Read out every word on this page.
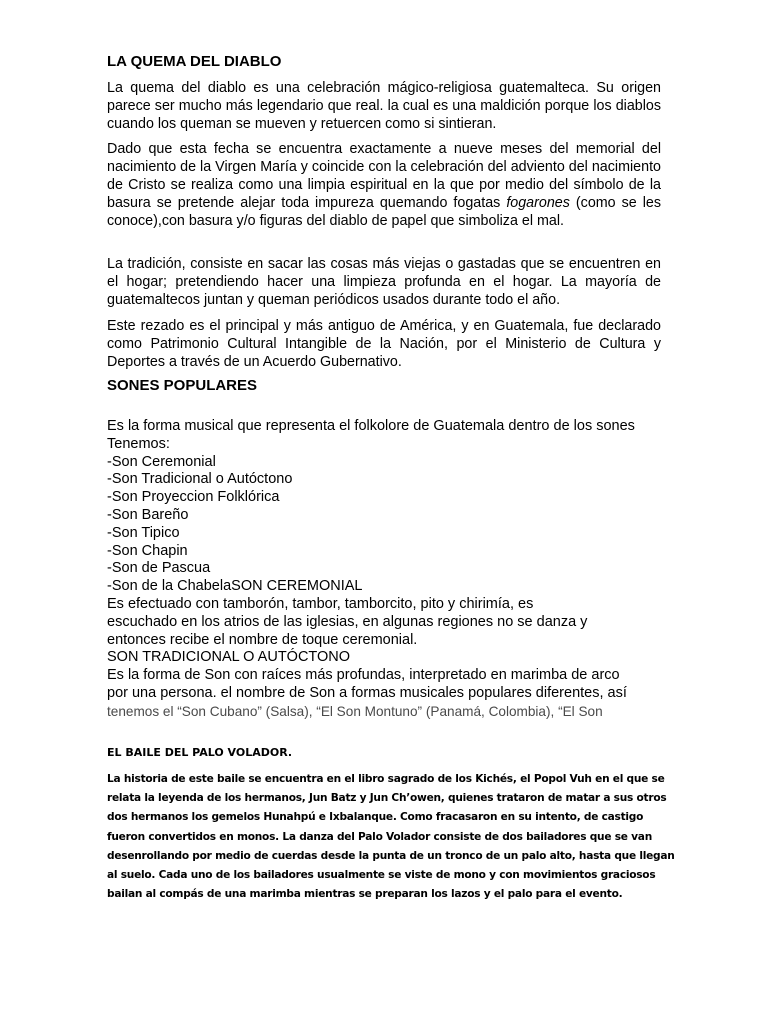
LA QUEMA DEL DIABLO
La quema del diablo es una celebración mágico-religiosa guatemalteca. Su origen parece ser mucho más legendario que real. la cual es una maldición porque los diablos cuando los queman se mueven y retuercen como si sintieran.
Dado que esta fecha se encuentra exactamente a nueve meses del memorial del nacimiento de la Virgen María y coincide con la celebración del adviento del nacimiento de Cristo se realiza como una limpia espiritual en la que por medio del símbolo de la basura se pretende alejar toda impureza quemando fogatas fogarones (como se les conoce),con basura y/o figuras del diablo de papel que simboliza el mal.
La tradición, consiste en sacar las cosas más viejas o gastadas que se encuentren en el hogar; pretendiendo hacer una limpieza profunda en el hogar. La mayoría de guatemaltecos juntan y queman periódicos usados durante todo el año.
Este rezado es el principal y más antiguo de América, y en Guatemala, fue declarado como Patrimonio Cultural Intangible de la Nación, por el Ministerio de Cultura y Deportes a través de un Acuerdo Gubernativo.
SONES POPULARES
Es la forma musical que representa el folkolore de Guatemala dentro de los sones
Tenemos:
-Son Ceremonial
-Son Tradicional o Autóctono
-Son Proyeccion Folklórica
-Son Bareño
-Son Tipico
-Son Chapin
-Son de Pascua
-Son de la ChabelaSON CEREMONIAL
Es efectuado con tamborón, tambor, tamborcito, pito y chirimía, es
escuchado en los atrios de las iglesias, en algunas regiones no se danza y
entonces recibe el nombre de toque ceremonial.
SON TRADICIONAL O AUTÓCTONO
Es la forma de Son con raíces más profundas, interpretado en marimba de arco
por una persona. el nombre de Son a formas musicales populares diferentes, así
tenemos el “Son Cubano” (Salsa), “El Son Montuno” (Panamá, Colombia), “El Son
EL BAILE DEL PALO VOLADOR.
La historia de este baile se encuentra en el libro sagrado de los Kichés, el Popol Vuh en el que se
relata la leyenda de los hermanos, Jun Batz y Jun Ch’owen, quienes trataron de matar a sus otros
dos hermanos los gemelos Hunahpú e Ixbalanque. Como fracasaron en su intento, de castigo
fueron convertidos en monos. La danza del Palo Volador consiste de dos bailadores que se van
desenrollando por medio de cuerdas desde la punta de un tronco de un palo alto, hasta que llegan
al suelo. Cada uno de los bailadores usualmente se viste de mono y con movimientos graciosos
bailan al compás de una marimba mientras se preparan los lazos y el palo para el evento.
